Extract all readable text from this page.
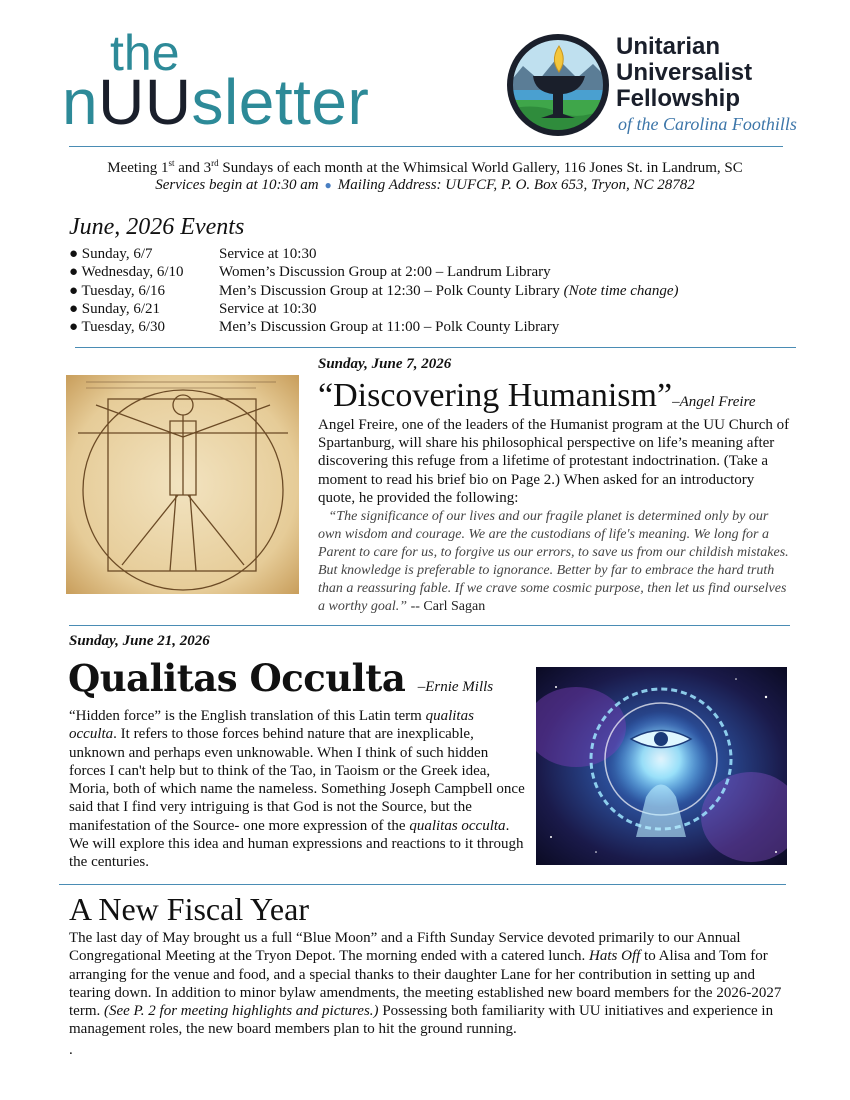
the
nUUsletter
Unitarian
Universalist
Fellowship
of the Carolina Foothills
Meeting 1st and 3rd Sundays of each month at the Whimsical World Gallery, 116 Jones St. in Landrum, SC
Services begin at 10:30 am ● Mailing Address: UUFCF, P. O. Box 653, Tryon, NC 28782
June, 2026 Events
● Sunday, 6/7	Service at 10:30
● Wednesday, 6/10 Women’s Discussion Group at 2:00 – Landrum Library
● Tuesday, 6/16	Men’s Discussion Group at 12:30 – Polk County Library (Note time change)
● Sunday, 6/21	Service at 10:30
● Tuesday, 6/30	Men’s Discussion Group at 11:00 – Polk County Library
Sunday, June 7, 2026
“Discovering Humanism”–Angel Freire
Angel Freire, one of the leaders of the Humanist program at the UU Church of Spartanburg, will share his philosophical perspective on life’s meaning after discovering this refuge from a lifetime of protestant indoctrination. (Take a moment to read his brief bio on Page 2.) When asked for an introductory quote, he provided the following:
“The significance of our lives and our fragile planet is determined only by our own wisdom and courage. We are the custodians of life's meaning. We long for a Parent to care for us, to forgive us our errors, to save us from our childish mistakes. But knowledge is preferable to ignorance. Better by far to embrace the hard truth than a reassuring fable. If we crave some cosmic purpose, then let us find ourselves a worthy goal.” -- Carl Sagan
Sunday, June 21, 2026
Qualitas Occulta –Ernie Mills
“Hidden force” is the English translation of this Latin term qualitas occulta. It refers to those forces behind nature that are inexplicable, unknown and perhaps even unknowable. When I think of such hidden forces I can't help but to think of the Tao, in Taoism or the Greek idea, Moria, both of which name the nameless. Something Joseph Campbell once said that I find very intriguing is that God is not the Source, but the manifestation of the Source- one more expression of the qualitas occulta. We will explore this idea and human expressions and reactions to it through the centuries.
A New Fiscal Year
The last day of May brought us a full “Blue Moon” and a Fifth Sunday Service devoted primarily to our Annual Congregational Meeting at the Tryon Depot. The morning ended with a catered lunch. Hats Off to Alisa and Tom for arranging for the venue and food, and a special thanks to their daughter Lane for her contribution in setting up and tearing down. In addition to minor bylaw amendments, the meeting established new board members for the 2026-2027 term. (See P. 2 for meeting highlights and pictures.) Possessing both familiarity with UU initiatives and experience in management roles, the new board members plan to hit the ground running.
.
